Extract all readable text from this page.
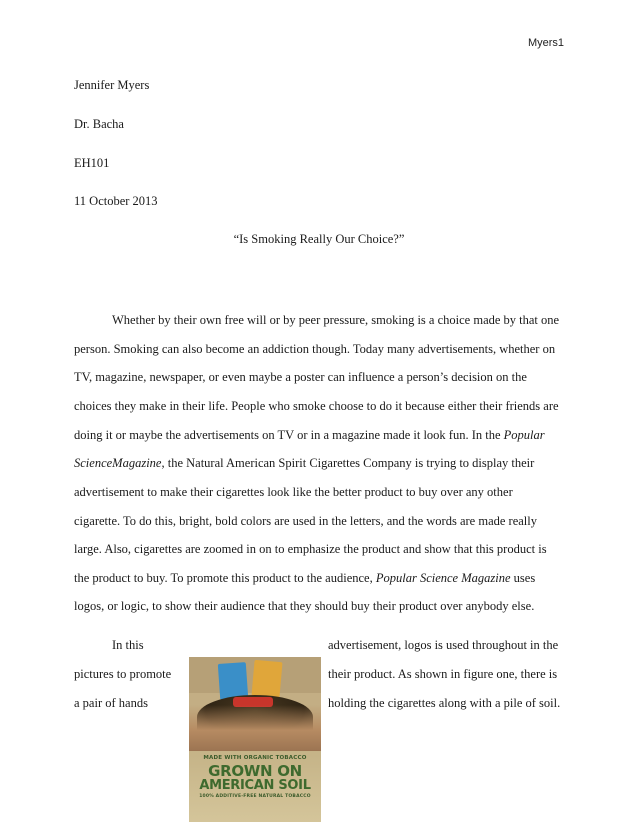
Myers1
Jennifer Myers
Dr. Bacha
EH101
11 October 2013
“Is Smoking Really Our Choice?”
Whether by their own free will or by peer pressure, smoking is a choice made by that one
person. Smoking can also become an addiction though. Today many advertisements, whether on
TV, magazine, newspaper, or even maybe a poster can influence a person’s decision on the
choices they make in their life. People who smoke choose to do it because either their friends are
doing it or maybe the advertisements on TV or in a magazine made it look fun. In the Popular
ScienceMagazine, the Natural American Spirit Cigarettes Company is trying to display their
advertisement to make their cigarettes look like the better product to buy over any other
cigarette. To do this, bright, bold colors are used in the letters, and the words are made really
large. Also, cigarettes are zoomed in on to emphasize the product and show that this product is
the product to buy. To promote this product to the audience, Popular Science Magazine uses
logos, or logic, to show their audience that they should buy their product over anybody else.
In this	advertisement, logos is used throughout in the
pictures to promote	their product. As shown in figure one, there is
a pair of hands	holding the cigarettes along with a pile of soil.
MADE WITH ORGANIC TOBACCO
GROWN ON
AMERICAN SOIL
100% ADDITIVE-FREE NATURAL TOBACCO
